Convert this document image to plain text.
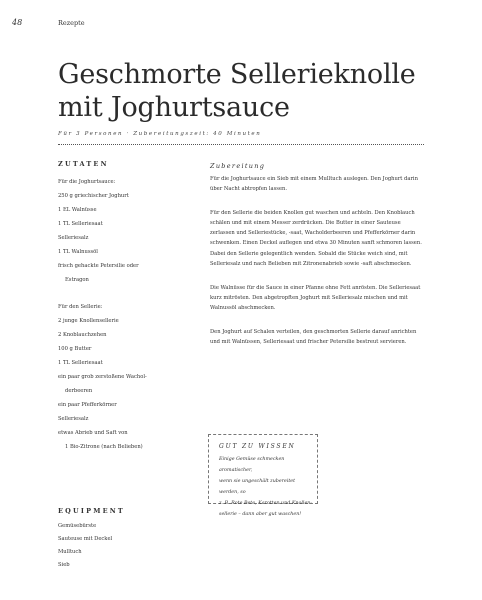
48	Rezepte
Geschmorte Sellerieknolle
mit Joghurtsauce
Für 3 Personen · Zubereitungszeit: 40 Minuten
ZUTATEN
Für die Joghurtsauce:
250 g griechischer Joghurt
1 EL Walnüsse
1 TL Selleriesaat
Selleriesalz
1 TL Walnussöl
frisch gehackte Petersilie oder
Estragon
Für den Sellerie:
2 junge Knollensellerie
2 Knoblauchzehen
100 g Butter
1 TL Selleriesaat
ein paar grob zerstoßene Wachol-
derbeeren
ein paar Pfefferkörner
Selleriesalz
etwas Abrieb und Saft von
1 Bio-Zitrone (nach Belieben)
Zubereitung

Für die Joghurtsauce ein Sieb mit einem Mulltuch auslegen. Den Joghurt darin über Nacht abtropfen lassen.

Für den Sellerie die beiden Knollen gut waschen und achteln. Den Knoblauch schälen und mit einem Messer zerdrücken. Die Butter in einer Sauteuse zerlassen und Selleriestücke, -saat, Wacholderbeeren und Pfefferkörner darin schwenken. Einen Deckel auflegen und etwa 30 Minuten sanft schmoren lassen. Dabei den Sellerie gelegentlich wenden. Sobald die Stücke weich sind, mit Selleriesalz und nach Belieben mit Zitronenabrieb sowie -saft abschmecken.

Die Walnüsse für die Sauce in einer Pfanne ohne Fett anrösten. Die Selleriesaat kurz mitrösten. Den abgetropften Joghurt mit Selleriesalz mischen und mit Walnussöl abschmecken.

Den Joghurt auf Schalen verteilen, den geschmorten Sellerie darauf anrichten und mit Walnüssen, Selleriesaat und frischer Petersilie bestreut servieren.

GUT ZU WISSEN
Einige Gemüse schmecken aromatischer,
wenn sie ungeschält zubereitet werden, so
z. B. Rote Bete, Karotten und Knollen-
sellerie – dann aber gut waschen!
EQUIPMENT
Gemüsebürste
Sauteuse mit Deckel
Mulltuch
Sieb
